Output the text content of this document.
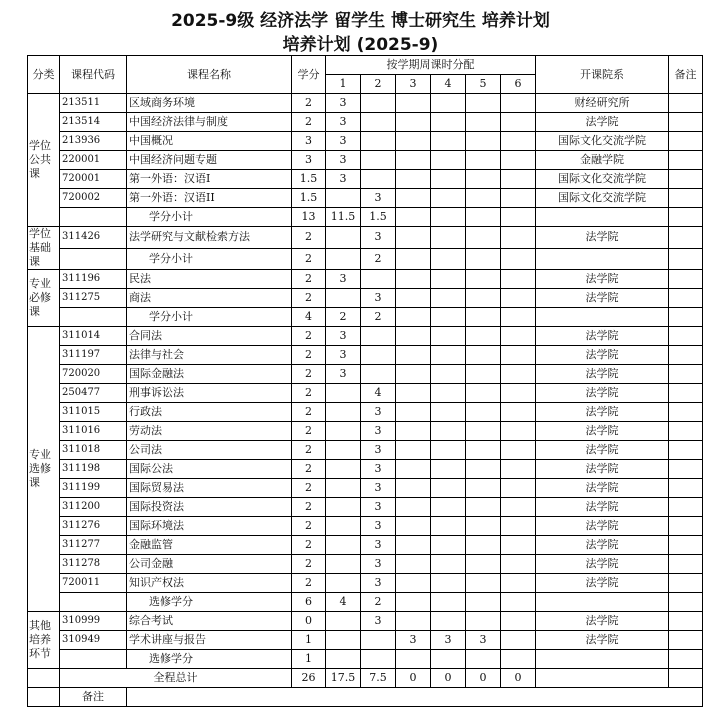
2025-9级 经济法学 留学生 博士研究生 培养计划
培养计划 (2025-9)
分类	课程代码	课程名称	学分	按学期周课时分配						开课院系	备注
				1	2	3	4	5	6		
学位公共课	213511	区域商务环境	2	3						财经研究所	
	213514	中国经济法律与制度	2	3						法学院	
	213936	中国概况	3	3						国际文化交流学院	
	220001	中国经济问题专题	3	3						金融学院	
	720001	第一外语：汉语I	1.5	3						国际文化交流学院	
	720002	第一外语：汉语II	1.5		3					国际文化交流学院	
		学分小计	13	11.5	1.5						
学位基础课	311426	法学研究与文献检索方法	2		3					法学院	
		学分小计	2		2						
专业必修课	311196	民法	2	3						法学院	
	311275	商法	2		3					法学院	
		学分小计	4	2	2						
专业选修课	311014	合同法	2	3						法学院	
	311197	法律与社会	2	3						法学院	
	720020	国际金融法	2	3						法学院	
	250477	刑事诉讼法	2		4					法学院	
	311015	行政法	2		3					法学院	
	311016	劳动法	2		3					法学院	
	311018	公司法	2		3					法学院	
	311198	国际公法	2		3					法学院	
	311199	国际贸易法	2		3					法学院	
	311200	国际投资法	2		3					法学院	
	311276	国际环境法	2		3					法学院	
	311277	金融监管	2		3					法学院	
	311278	公司金融	2		3					法学院	
	720011	知识产权法	2		3					法学院	
		选修学分	6	4	2						
其他培养环节	310999	综合考试	0		3					法学院	
	310949	学术讲座与报告	1			3	3	3		法学院	
		选修学分	1								
	全程总计		26	17.5	7.5	0	0	0	0		
	备注										
